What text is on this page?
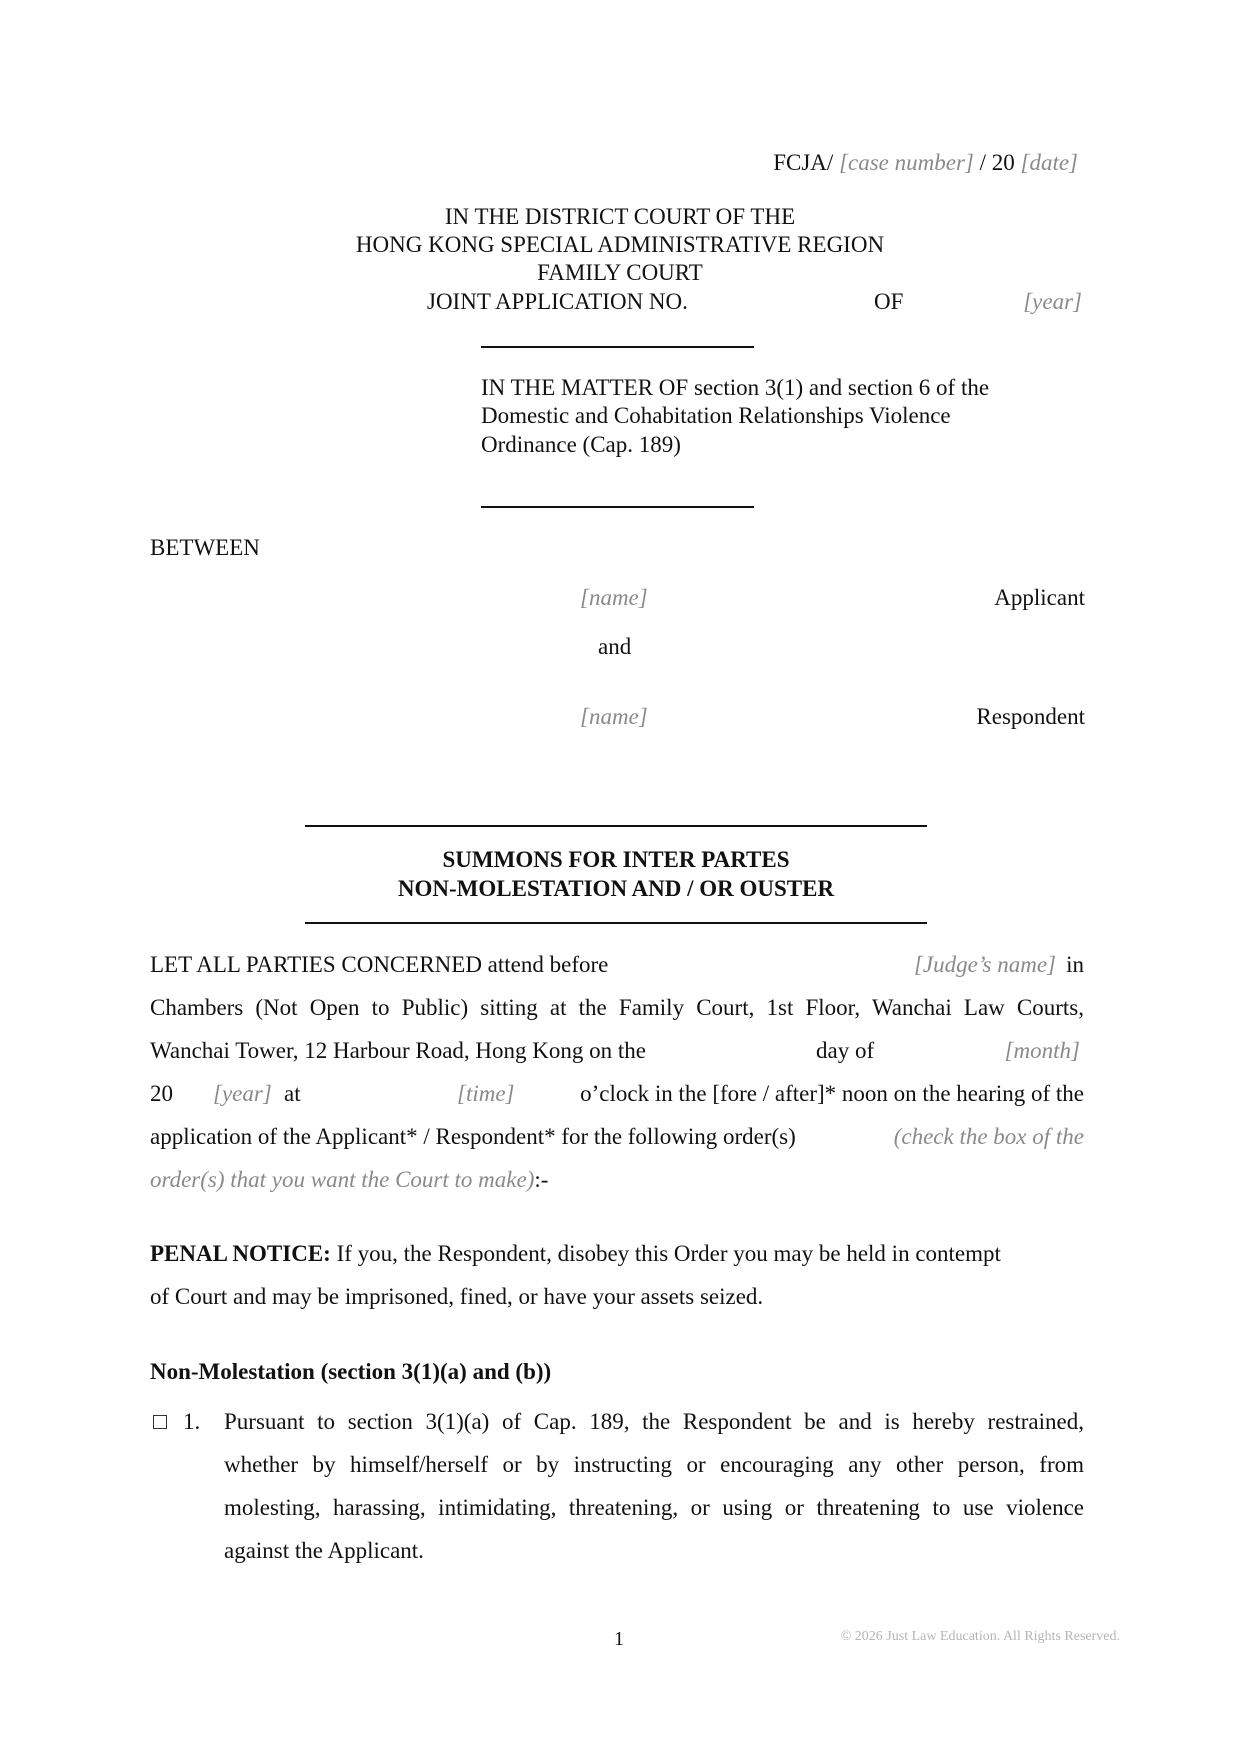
FCJA/ [case number] / 20 [date]
IN THE DISTRICT COURT OF THE
HONG KONG SPECIAL ADMINISTRATIVE REGION
FAMILY COURT
JOINT APPLICATION NO.	OF	[year]
IN THE MATTER OF section 3(1) and section 6 of the
Domestic and Cohabitation Relationships Violence
Ordinance (Cap. 189)
BETWEEN
[name]	Applicant
and
[name]	Respondent
SUMMONS FOR INTER PARTES
NON-MOLESTATION AND / OR OUSTER
LET ALL PARTIES CONCERNED attend before	[Judge’s name] in
Chambers (Not Open to Public) sitting at the Family Court, 1st Floor, Wanchai Law Courts,
Wanchai Tower, 12 Harbour Road, Hong Kong on the	day of	[month]
20 [year] at	[time]	o’clock in the [fore / after]* noon on the hearing of the
application of the Applicant* / Respondent* for the following order(s)	(check the box of the
order(s) that you want the Court to make):-
PENAL NOTICE: If you, the Respondent, disobey this Order you may be held in contempt
of Court and may be imprisoned, fined, or have your assets seized.
Non-Molestation (section 3(1)(a) and (b))
1. Pursuant to section 3(1)(a) of Cap. 189, the Respondent be and is hereby restrained,
whether by himself/herself or by instructing or encouraging any other person, from
molesting, harassing, intimidating, threatening, or using or threatening to use violence
against the Applicant.
1	© 2026 Just Law Education. All Rights Reserved.
